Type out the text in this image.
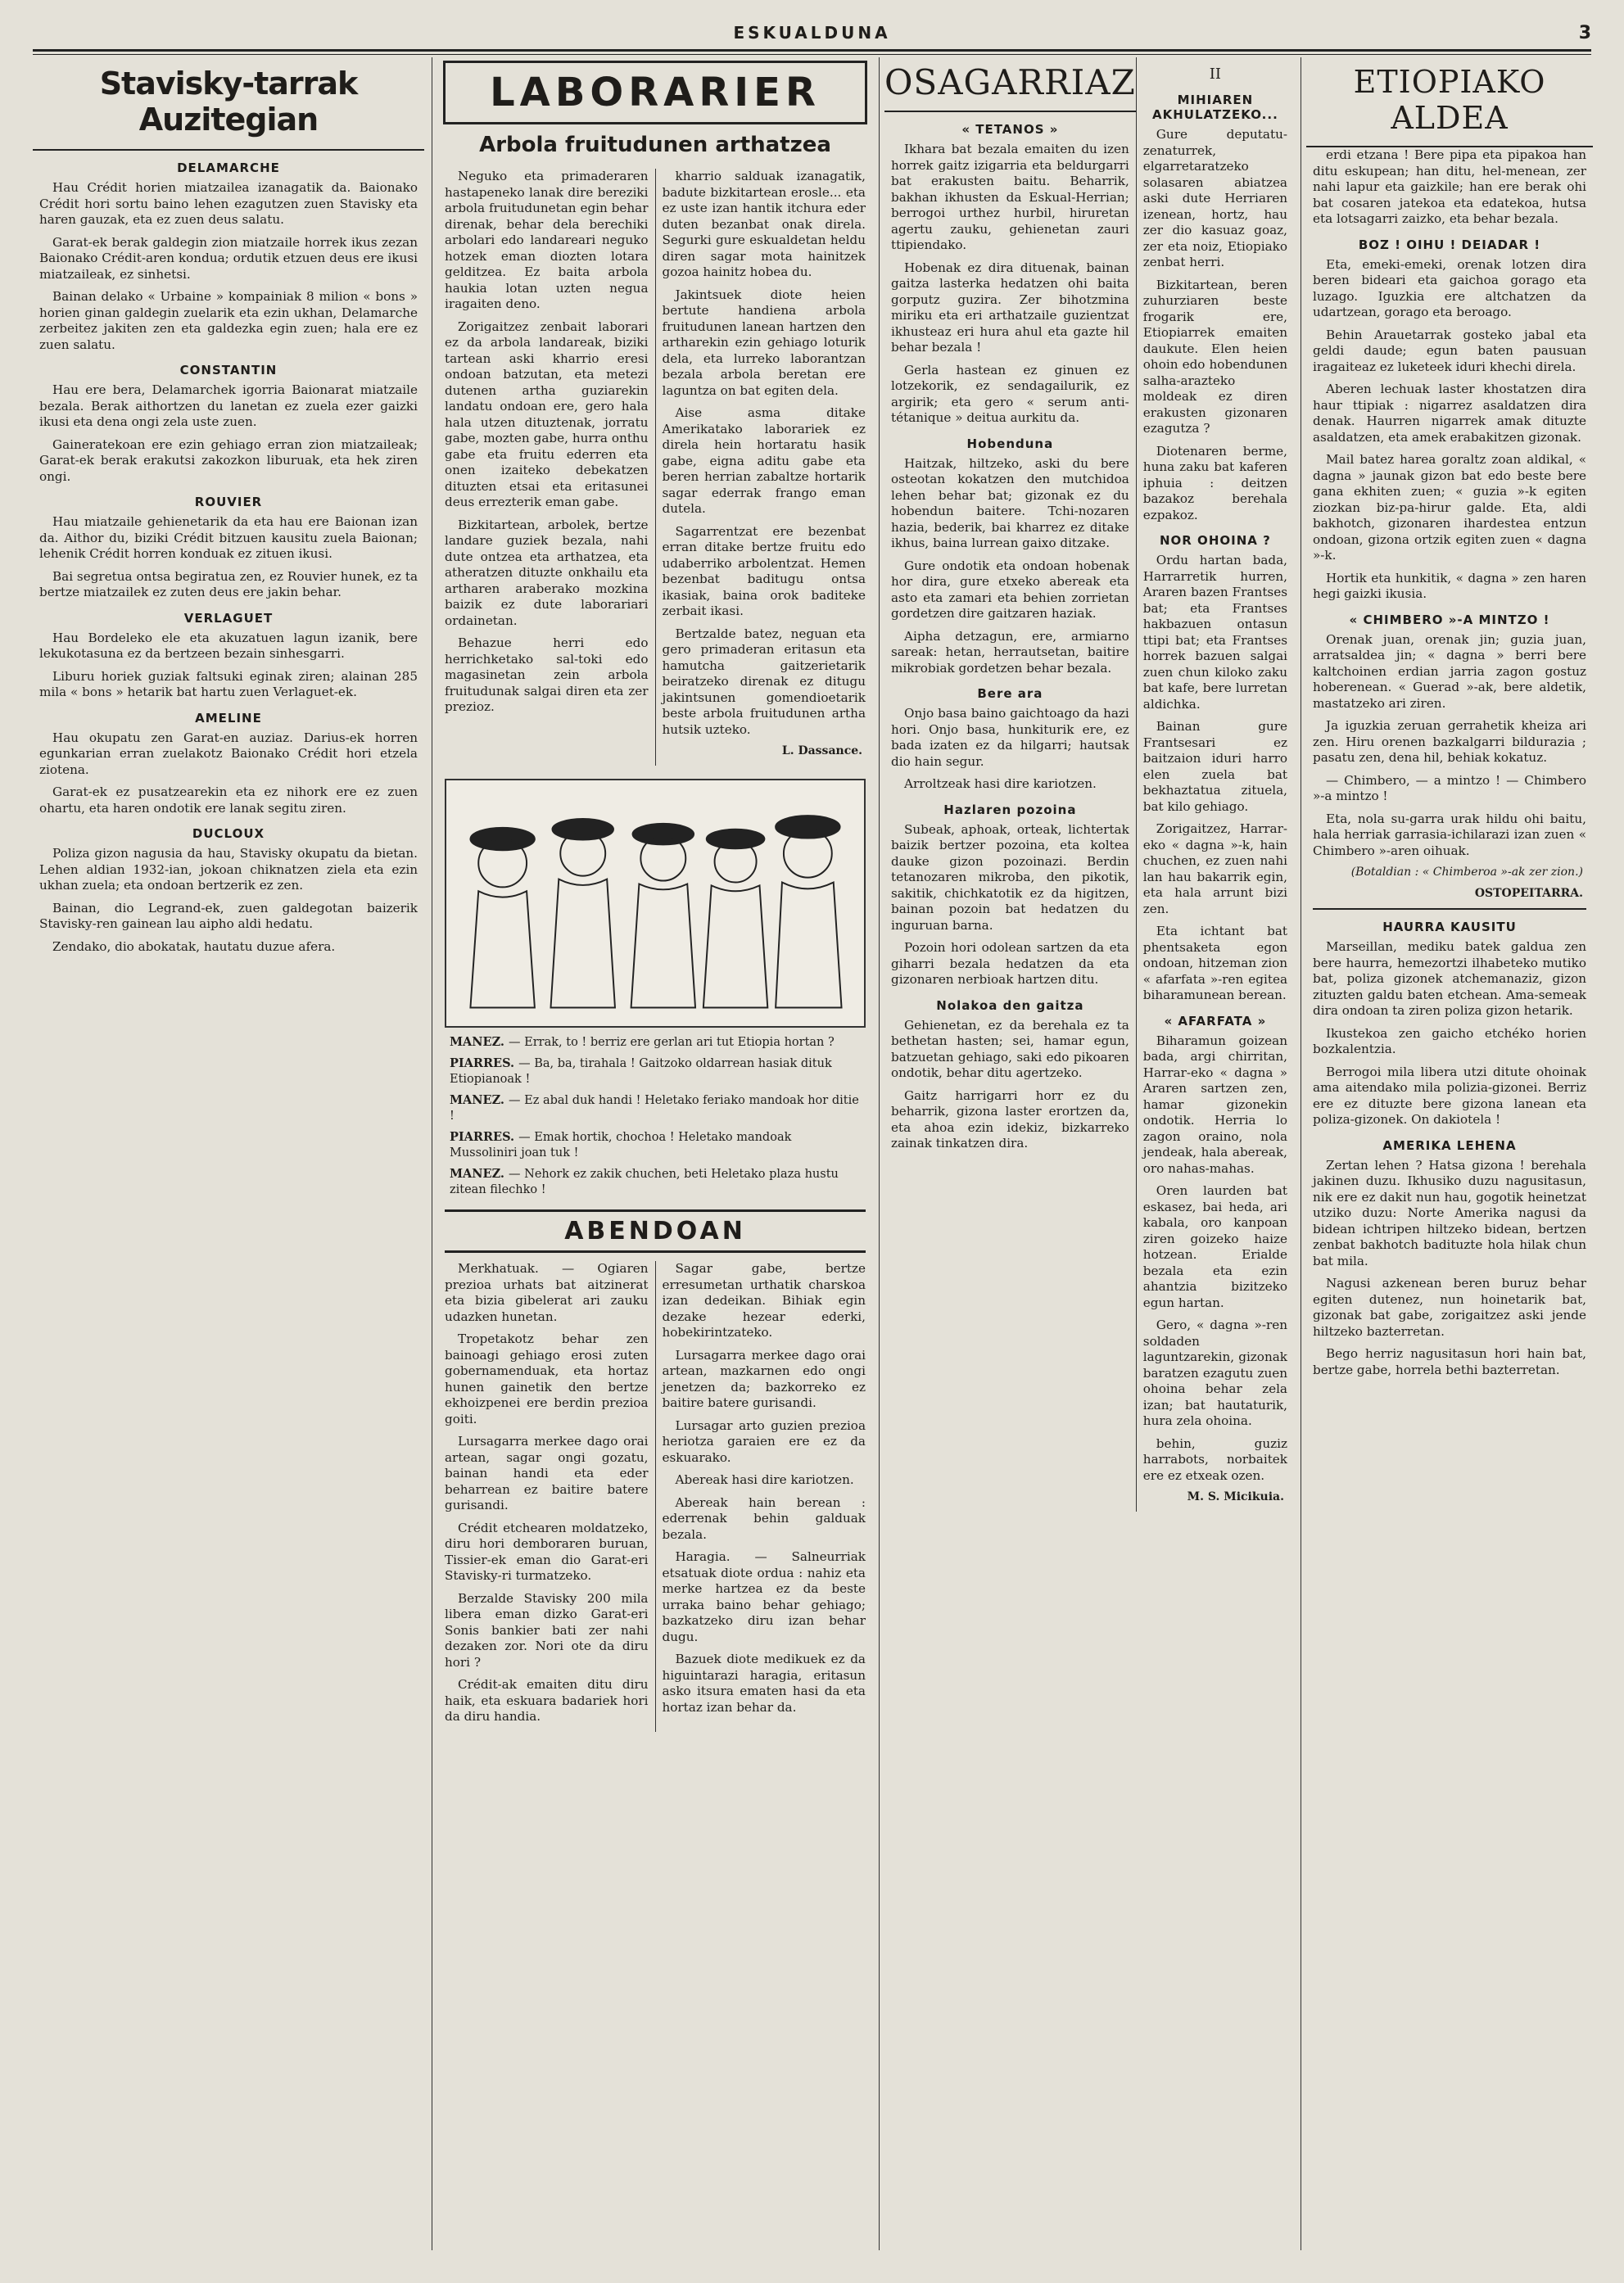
ESKUALDUNA	3
Stavisky-tarrak Auzitegian
DELAMARCHE

Hau Crédit horien miatzailea izanagatik da. Baionako Crédit hori sortu baino lehen ezagutzen zuen Stavisky eta haren gauzak, eta ez zuen deus salatu.

Garat-ek berak galdegin zion miatzaile horrek ikus zezan Baionako Crédit-aren kondua; ordutik etzuen deus ere ikusi miatzaileak, ez sinhetsi.

Bainan delako « Urbaine » kompainiak 8 milion « bons » horien ginan galdegin zuelarik eta ezin ukhan, Delamarche zerbeitez jakiten zen eta galdezka egin zuen; hala ere ez zuen salatu.

CONSTANTIN

Hau ere bera, Delamarchek igorria Baionarat miatzaile bezala. Berak aithortzen du lanetan ez zuela ezer gaizki ikusi eta dena ongi zela uste zuen.

Gaineratekoan ere ezin gehiago erran zion miatzaileak; Garat-ek berak erakutsi zakozkon liburuak, eta hek ziren ongi.

ROUVIER

Hau miatzaile gehienetarik da eta hau ere Baionan izan da. Aithor du, biziki Crédit bitzuen kausitu zuela Baionan; lehenik Crédit horren konduak ez zituen ikusi.

Bai segretua ontsa begiratua zen, ez Rouvier hunek, ez ta bertze miatzailek ez zuten deus ere jakin behar.

VERLAGUET

Hau Bordeleko ele eta akuzatuen lagun izanik, bere lekukotasuna ez da bertzeen bezain sinhesgarri.

Liburu horiek guziak faltsuki eginak ziren; alainan 285 mila « bons » hetarik bat hartu zuen Verlaguet-ek.

AMELINE

Hau okupatu zen Garat-en auziaz. Darius-ek horren egunkarian erran zuelakotz Baionako Crédit hori etzela ziotena.

Garat-ek ez pusatzearekin eta ez nihork ere ez zuen ohartu, eta haren ondotik ere lanak segitu ziren.

DUCLOUX

Poliza gizon nagusia da hau, Stavisky okupatu da bietan. Lehen aldian 1932-ian, jokoan chiknatzen ziela eta ezin ukhan zuela; eta ondoan bertzerik ez zen.

Bainan, dio Legrand-ek, zuen galdegotan baizerik Stavisky-ren gainean lau aipho aldi hedatu.

Zendako, dio abokatak, hautatu duzue afera.

LABORARIER
Arbola fruitudunen arthatzea

Neguko eta primaderaren hastapeneko lanak dire bereziki arbola fruitudunetan egin behar direnak, behar dela berechiki arbolari edo landareari neguko hotzek eman diozten lotara gelditzea. Ez baita arbola haukia lotan uzten negua iragaiten deno.

Zorigaitzez zenbait laborari ez da arbola landareak, biziki tartean aski kharrio eresi ondoan batzutan, eta metezi dutenen artha guziarekin landatu ondoan ere, gero hala hala utzen dituztenak, jorratu gabe, mozten gabe, hurra onthu gabe eta fruitu ederren eta onen izaiteko debekatzen dituzten etsai eta eritasunei deus errezterik eman gabe.

Bizkitartean, arbolek, bertze landare guziek bezala, nahi dute ontzea eta arthatzea, eta atheratzen dituzte onkhailu eta artharen araberako mozkina baizik ez dute laborariari ordainetan.

Behazue herri edo herrichketako sal-toki edo magasinetan zein arbola fruitudunak salgai diren eta zer prezioz.

kharrio salduak izanagatik, badute bizkitartean erosle... eta ez uste izan hantik itchura eder duten bezanbat onak direla. Segurki gure eskualdetan heldu diren sagar mota hainitzek gozoa hainitz hobea du.

Jakintsuek diote heien bertute handiena arbola fruitudunen lanean hartzen den artharekin ezin gehiago loturik dela, eta lurreko laborantzan bezala arbola beretan ere laguntza on bat egiten dela.

Aise asma ditake Amerikatako laborariek ez direla hein hortaratu hasik gabe, eigna aditu gabe eta beren herrian zabaltze hortarik sagar ederrak frango eman dutela.

Sagarrentzat ere bezenbat erran ditake bertze fruitu edo udaberriko arbolentzat. Hemen bezenbat baditugu ontsa ikasiak, baina orok baditeke zerbait ikasi.

Bertzalde batez, neguan eta gero primaderan eritasun eta hamutcha gaitzerietarik beiratzeko direnak ez ditugu jakintsunen gomendioetarik beste arbola fruitudunen artha hutsik uzteko.

L. Dassance.
MANEZ. — Errak, to ! berriz ere gerlan ari tut Etiopia hortan ?
PIARRES. — Ba, ba, tirahala ! Gaitzoko oldarrean hasiak dituk Etiopianoak !
MANEZ. — Ez abal duk handi ! Heletako feriako mandoak hor ditie !
PIARRES. — Emak hortik, chochoa ! Heletako mandoak Mussoliniri joan tuk !
MANEZ. — Nehork ez zakik chuchen, beti Heletako plaza hustu zitean filechko !
ABENDOAN

Merkhatuak. — Ogiaren prezioa urhats bat aitzinerat eta bizia gibelerat ari zauku udazken hunetan.

Tropetakotz behar zen bainoagi gehiago erosi zuten gobernamenduak, eta hortaz hunen gainetik den bertze ekhoizpenei ere berdin prezioa goiti.

Lursagarra merkee dago orai artean, sagar ongi gozatu, bainan handi eta eder beharrean ez baitire batere gurisandi.

Crédit etchearen moldatzeko, diru hori demboraren buruan, Tissier-ek eman dio Garat-eri Stavisky-ri turmatzeko.

Berzalde Stavisky 200 mila libera eman dizko Garat-eri Sonis bankier bati zer nahi dezaken zor. Nori ote da diru hori ?

Crédit-ak emaiten ditu diru haik, eta eskuara badariek hori da diru handia.

Sagar gabe, bertze erresumetan urthatik charskoa izan dedeikan. Bihiak egin dezake hezear ederki, hobekirintzateko.

Lursagarra merkee dago orai artean, mazkarnen edo ongi jenetzen da; bazkorreko ez baitire batere gurisandi.

Lursagar arto guzien prezioa heriotza garaien ere ez da eskuarako.

Abereak hasi dire kariotzen.

Abereak hain berean : ederrenak behin galduak bezala.

Haragia. — Salneurriak etsatuak diote ordua : nahiz eta merke hartzea ez da beste urraka baino behar gehiago; bazkatzeko diru izan behar dugu.

Bazuek diote medikuek ez da higuintarazi haragia, eritasun asko itsura ematen hasi da eta hortaz izan behar da.

OSAGARRIAZ
« TETANOS »

Ikhara bat bezala emaiten du izen horrek gaitz izigarria eta beldurgarri bat erakusten baitu. Beharrik, bakhan ikhusten da Eskual-Herrian; berrogoi urthez hurbil, hiruretan agertu zauku, gehienetan zauri ttipiendako.

Hobenak ez dira dituenak, bainan gaitza lasterka hedatzen ohi baita gorputz guzira. Zer bihotzmina miriku eta eri arthatzaile guzientzat ikhusteaz eri hura ahul eta gazte hil behar bezala !

Gerla hastean ez ginuen ez lotzekorik, ez sendagailurik, ez argirik; eta gero « serum anti-tétanique » deitua aurkitu da.

Hobenduna

Haitzak, hiltzeko, aski du bere osteotan kokatzen den mutchidoa lehen behar bat; gizonak ez du hobendun baitere. Tchi-nozaren hazia, bederik, bai kharrez ez ditake ikhus, baina lurrean gaixo ditzake.

Gure ondotik eta ondoan hobenak hor dira, gure etxeko abereak eta asto eta zamari eta behien zorrietan gordetzen dire gaitzaren haziak.

Aipha detzagun, ere, armiarno sareak: hetan, herrautsetan, baitire mikrobiak gordetzen behar bezala.

Bere ara

Onjo basa baino gaichtoago da hazi hori. Onjo basa, hunkiturik ere, ez bada izaten ez da hilgarri; hautsak dio hain segur.

Arroltzeak hasi dire kariotzen.

Hazlaren pozoina

Subeak, aphoak, orteak, lichtertak baizik bertzer pozoina, eta koltea dauke gizon pozoinazi. Berdin tetanozaren mikroba, den pikotik, sakitik, chichkatotik ez da higitzen, bainan pozoin bat hedatzen du inguruan barna.

Pozoin hori odolean sartzen da eta giharri bezala hedatzen da eta gizonaren nerbioak hartzen ditu.

Nolakoa den gaitza

Gehienetan, ez da berehala ez ta bethetan hasten; sei, hamar egun, batzuetan gehiago, saki edo pikoaren ondotik, behar ditu agertzeko.

Gaitz harrigarri horr ez du beharrik, gizona laster erortzen da, eta ahoa ezin idekiz, bizkarreko zainak tinkatzen dira.

II
MIHIAREN AKHULATZEKO...

Gure deputatu-zenaturrek, elgarretaratzeko solasaren abiatzea aski dute Herriaren izenean, hortz, hau zer dio kasuaz goaz, zer eta noiz, Etiopiako zenbat herri.

Bizkitartean, beren zuhurziaren beste frogarik ere, Etiopiarrek emaiten daukute. Elen heien ohoin edo hobendunen salha-arazteko moldeak ez diren erakusten gizonaren ezagutza ?

Diotenaren berme, huna zaku bat kaferen iphuia : deitzen bazakoz berehala ezpakoz.

NOR OHOINA ?

Ordu hartan bada, Harrarretik hurren, Araren bazen Frantses bat; eta Frantses hakbazuen ontasun ttipi bat; eta Frantses horrek bazuen salgai zuen chun kiloko zaku bat kafe, bere lurretan aldichka.

Bainan gure Frantsesari ez baitzaion iduri harro elen zuela bat bekhaztatua zituela, bat kilo gehiago.

Zorigaitzez, Harrar-eko « dagna »-k, hain chuchen, ez zuen nahi lan hau bakarrik egin, eta hala arrunt bizi zen.

Eta ichtant bat phentsaketa egon ondoan, hitzeman zion « afarfata »-ren egitea biharamunean berean.

« AFARFATA »

Biharamun goizean bada, argi chirritan, Harrar-eko « dagna » Araren sartzen zen, hamar gizonekin ondotik. Herria lo zagon oraino, nola jendeak, hala abereak, oro nahas-mahas.

Oren laurden bat eskasez, bai heda, ari kabala, oro kanpoan ziren goizeko haize hotzean. Erialde bezala eta ezin ahantzia bizitzeko egun hartan.

Gero, « dagna »-ren soldaden laguntzarekin, gizonak baratzen ezagutu zuen ohoina behar zela izan; bat hautaturik, hura zela ohoina.

behin, guziz harrabots, norbaitek ere ez etxeak ozen.

M. S. Micikuia.
ETIOPIAKO ALDEA

erdi etzana ! Bere pipa eta pipakoa han ditu eskupean; han ditu, hel-menean, zer nahi lapur eta gaizkile; han ere berak ohi bat cosaren jatekoa eta edatekoa, hutsa eta lotsagarri zaizko, eta behar bezala.

BOZ ! OIHU ! DEIADAR !

Eta, emeki-emeki, orenak lotzen dira beren bideari eta gaichoa gorago eta luzago. Iguzkia ere altchatzen da udartzean, gorago eta beroago.

Behin Arauetarrak gosteko jabal eta geldi daude; egun baten pausuan iragaiteaz ez luketeek iduri khechi direla.

Aberen lechuak laster khostatzen dira haur ttipiak : nigarrez asaldatzen dira denak. Haurren nigarrek amak dituzte asaldatzen, eta amek erabakitzen gizonak.

Mail batez harea goraltz zoan aldikal, « dagna » jaunak gizon bat edo beste bere gana ekhiten zuen; « guzia »-k egiten ziozkan biz-pa-hirur galde. Eta, aldi bakhotch, gizonaren ihardestea entzun ondoan, gizona ortzik egiten zuen « dagna »-k.

Hortik eta hunkitik, « dagna » zen haren hegi gaizki ikusia.

« CHIMBERO »-A MINTZO !

Orenak juan, orenak jin; guzia juan, arratsaldea jin; « dagna » berri bere kaltchoinen erdian jarria zagon gostuz hoberenean. « Guerad »-ak, bere aldetik, mastatzeko ari ziren.

Ja iguzkia zeruan gerrahetik kheiza ari zen. Hiru orenen bazkalgarri bildurazia ; pasatu zen, dena hil, behiak kokatuz.

— Chimbero, — a mintzo ! — Chimbero »-a mintzo !

Eta, nola su-garra urak hildu ohi baitu, hala herriak garrasia-ichilarazi izan zuen « Chimbero »-aren oihuak.

(Botaldian : « Chimberoa »-ak zer zion.)
OSTOPEITARRA.
HAURRA KAUSITU

Marseillan, mediku batek galdua zen bere haurra, hemezortzi ilhabeteko mutiko bat, poliza gizonek atchemanaziz, gizon zituzten galdu baten etchean. Ama-semeak dira ondoan ta ziren poliza gizon hetarik.

Ikustekoa zen gaicho etchéko horien bozkalentzia.

Berrogoi mila libera utzi ditute ohoinak ama aitendako mila polizia-gizonei. Berriz ere ez dituzte bere gizona lanean eta poliza-gizonek. On dakiotela !

AMERIKA LEHENA

Zertan lehen ? Hatsa gizona ! berehala jakinen duzu. Ikhusiko duzu nagusitasun, nik ere ez dakit nun hau, gogotik heinetzat utziko duzu: Norte Amerika nagusi da bidean ichtripen hiltzeko bidean, bertzen zenbat bakhotch badituzte hola hilak chun bat mila.

Nagusi azkenean beren buruz behar egiten dutenez, nun hoinetarik bat, gizonak bat gabe, zorigaitzez aski jende hiltzeko bazterretan.

Bego herriz nagusitasun hori hain bat, bertze gabe, horrela bethi bazterretan.
